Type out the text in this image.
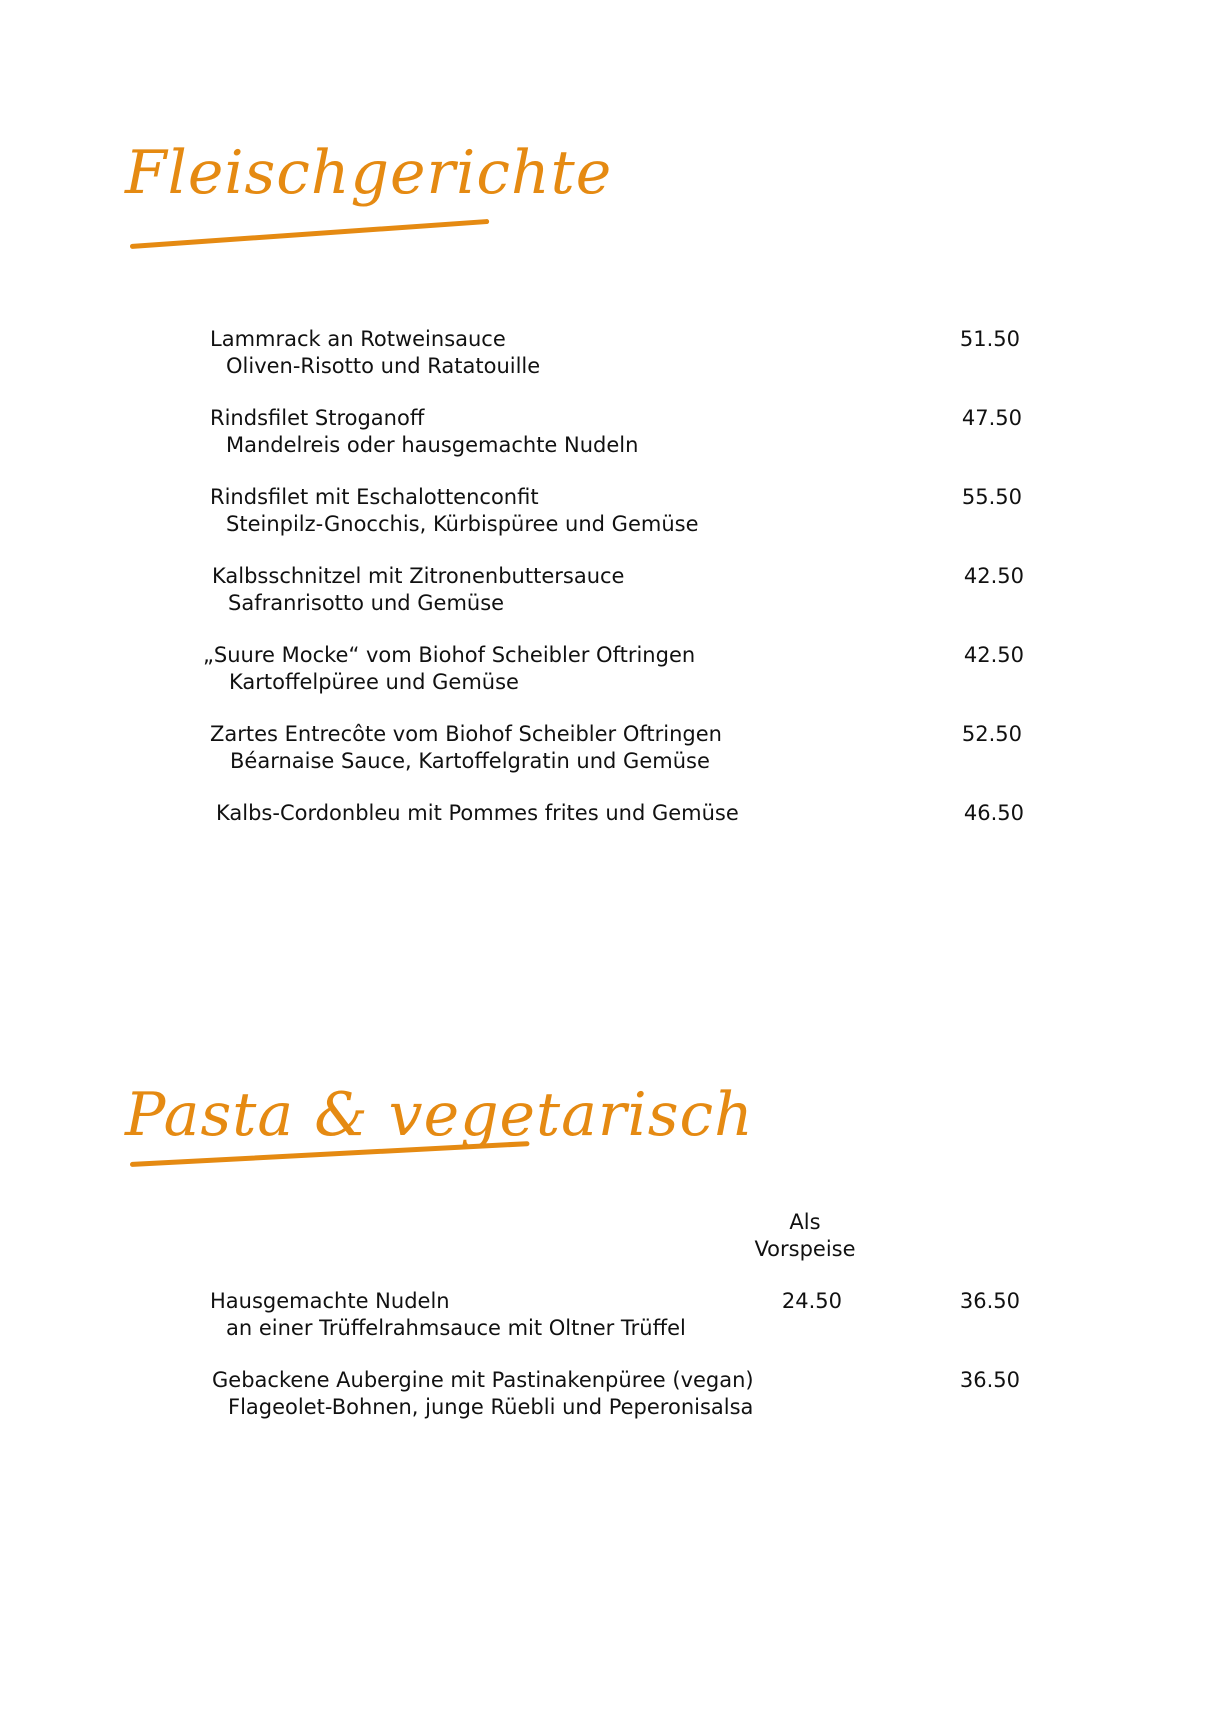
Fleischgerichte
Lammrack an Rotweinsauce
Oliven-Risotto und Ratatouille
51.50
Rindsfilet Stroganoff
Mandelreis oder hausgemachte Nudeln
47.50
Rindsfilet mit Eschalottenconfit
Steinpilz-Gnocchis, Kürbispüree und Gemüse
55.50
Kalbsschnitzel mit Zitronenbuttersauce
Safranrisotto und Gemüse
42.50
„Suure Mocke“ vom Biohof Scheibler Oftringen
Kartoffelpüree und Gemüse
42.50
Zartes Entrecôte vom Biohof Scheibler Oftringen
Béarnaise Sauce, Kartoffelgratin und Gemüse
52.50
Kalbs-Cordonbleu mit Pommes frites und Gemüse	46.50
Pasta & vegetarisch
Als Vorspeise
Hausgemachte Nudeln
an einer Trüffelrahmsauce mit Oltner Trüffel
24.50	36.50
Gebackene Aubergine mit Pastinakenpüree (vegan)
Flageolet-Bohnen, junge Rüebli und Peperonisalsa
36.50
